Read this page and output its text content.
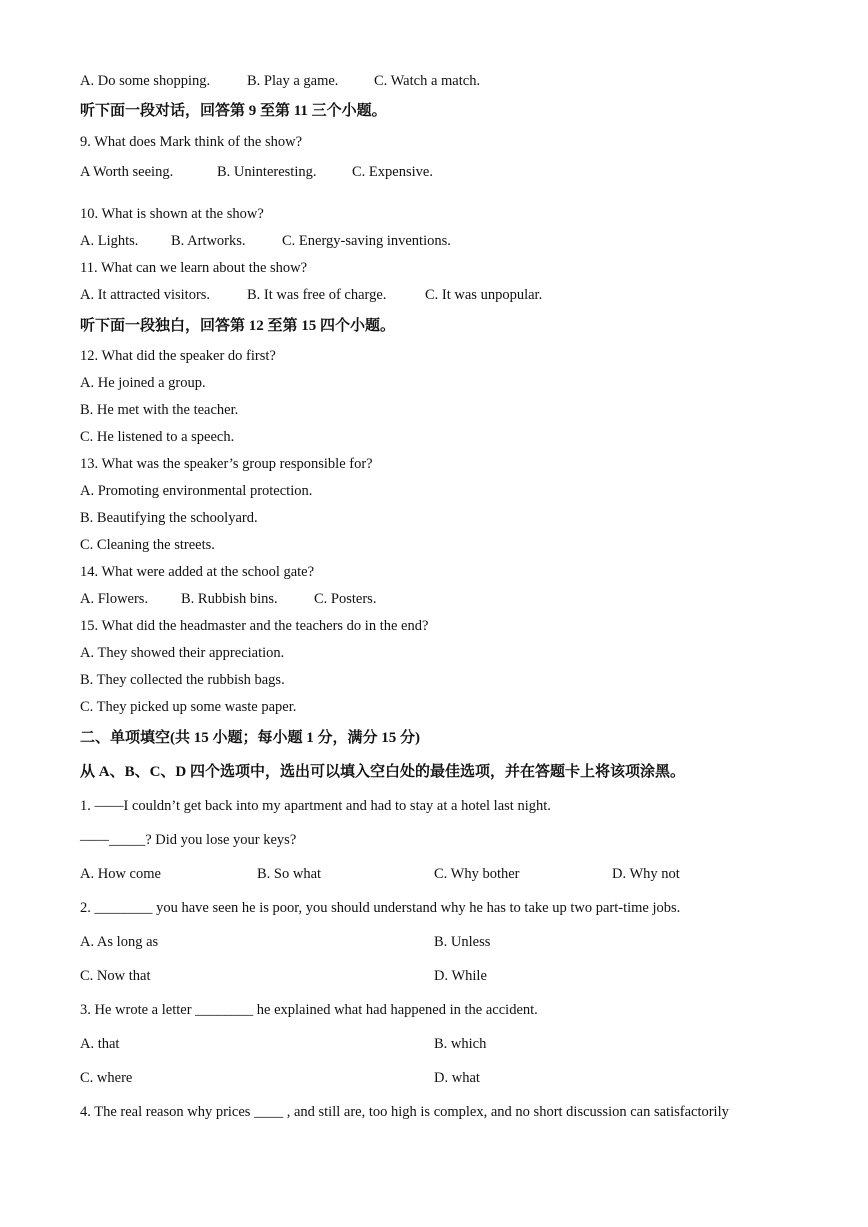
A. Do some shopping.	B. Play a game. C. Watch a match.
听下面一段对话，回答第 9 至第 11 三个小题。
9. What does Mark think of the show?
A Worth seeing.	B. Uninteresting. C. Expensive.
10. What is shown at the show?
A. Lights. B. Artworks.	C. Energy-saving inventions.
11. What can we learn about the show?
A. It attracted visitors.	B. It was free of charge.	C. It was unpopular.
听下面一段独白，回答第 12 至第 15 四个小题。
12. What did the speaker do first?
A. He joined a group.
B. He met with the teacher.
C. He listened to a speech.
13. What was the speaker’s group responsible for?
A. Promoting environmental protection.
B. Beautifying the schoolyard.
C. Cleaning the streets.
14. What were added at the school gate?
A. Flowers. B. Rubbish bins.	C. Posters.
15. What did the headmaster and the teachers do in the end?
A. They showed their appreciation.
B. They collected the rubbish bags.
C. They picked up some waste paper.
二、单项填空(共 15 小题；每小题 1 分，满分 15 分)
从 A、B、C、D 四个选项中，选出可以填入空白处的最佳选项，并在答题卡上将该项涂黑。
1. ——I couldn’t get back into my apartment and had to stay at a hotel last night.
——_____? Did you lose your keys?
A. How come	B. So what	C. Why bother	D. Why not
2. ________ you have seen he is poor, you should understand why he has to take up two part-time jobs.
A. As long as	B. Unless
C. Now that	D. While
3. He wrote a letter ________ he explained what had happened in the accident.
A. that	B. which
C. where	D. what
4. The real reason why prices ____ , and still are, too high is complex, and no short discussion can satisfactorily
